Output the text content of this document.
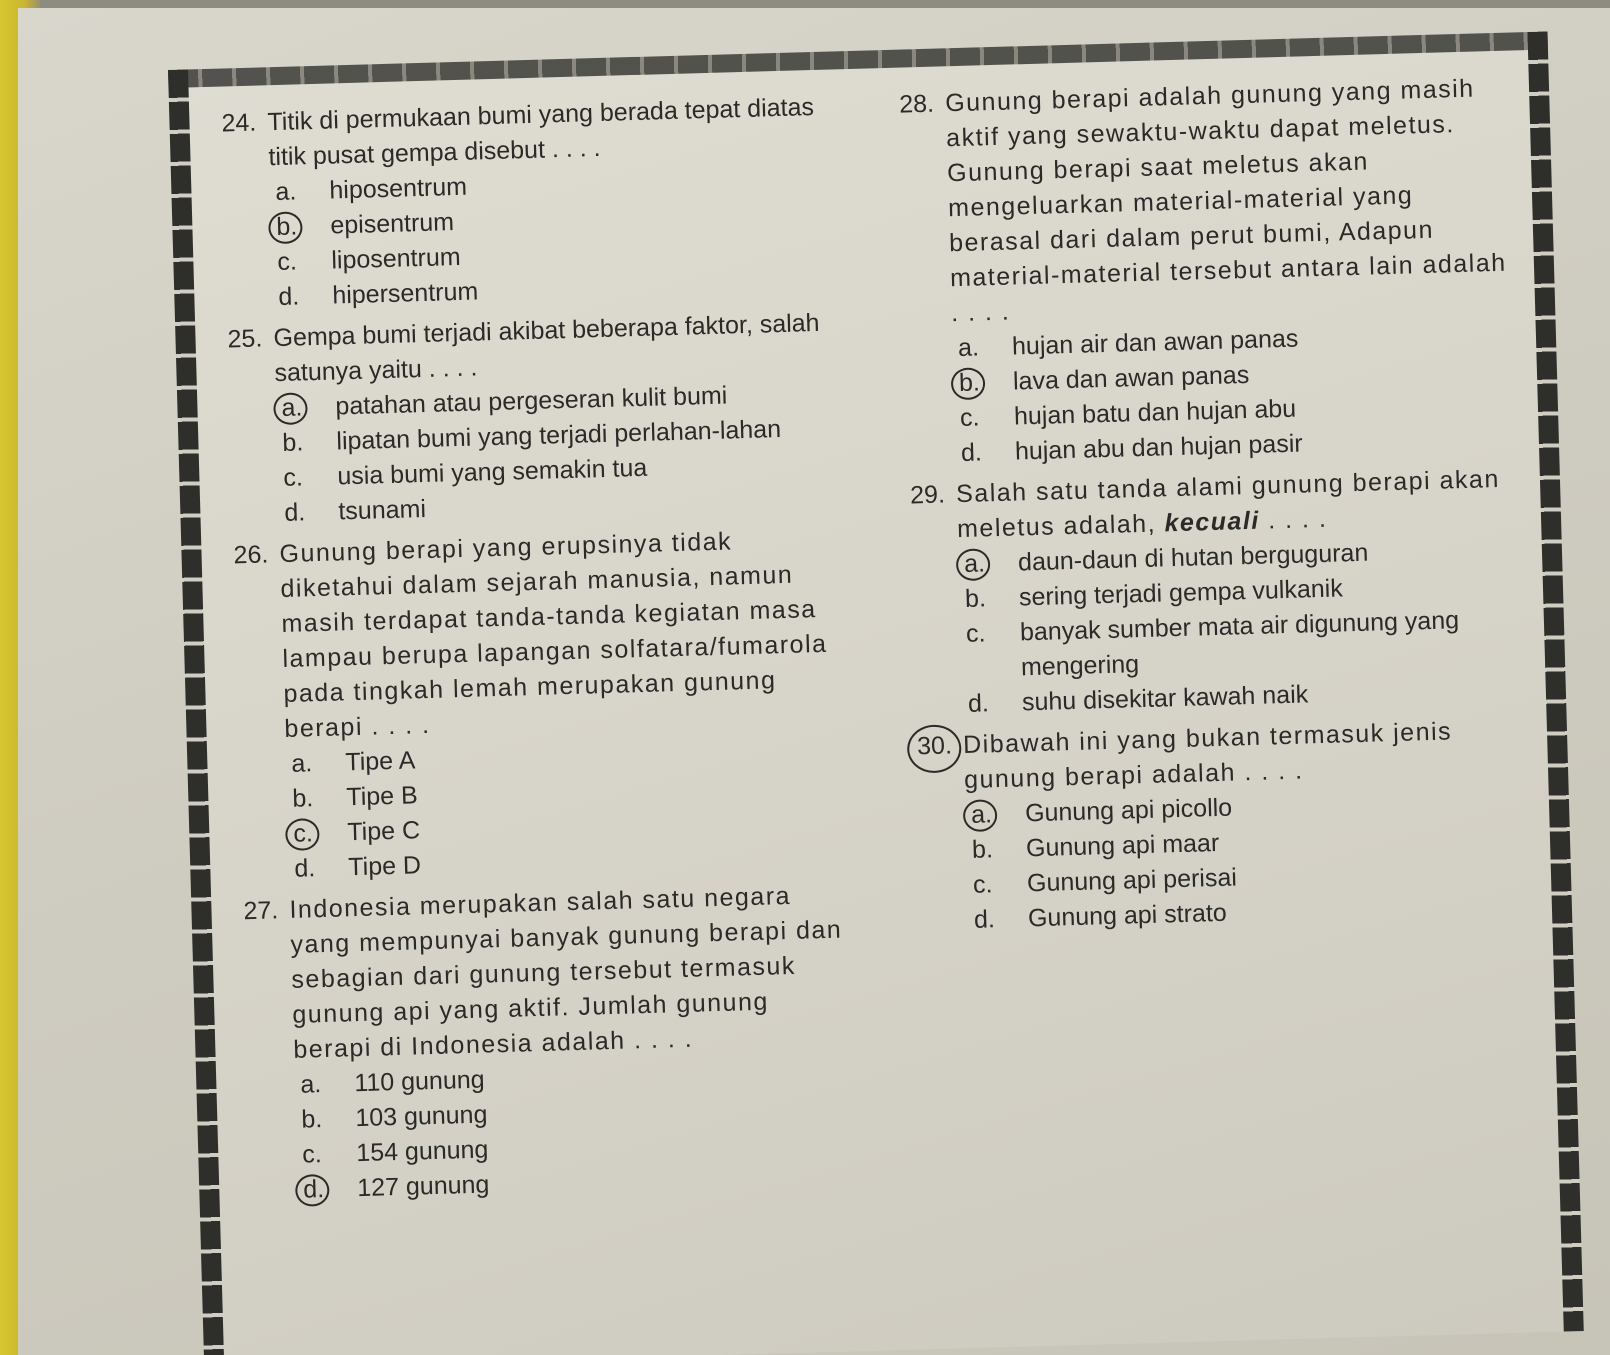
24. Titik di permukaan bumi yang berada tepat diatas titik pusat gempa disebut . . . .
a.	hiposentrum
b.	episentrum
c.	liposentrum
d.	hipersentrum
25. Gempa bumi terjadi akibat beberapa faktor, salah satunya yaitu . . . .
a.	patahan atau pergeseran kulit bumi
b.	lipatan bumi yang terjadi perlahan-lahan
c.	usia bumi yang semakin tua
d.	tsunami
26. Gunung berapi yang erupsinya tidak diketahui dalam sejarah manusia, namun masih terdapat tanda-tanda kegiatan masa lampau berupa lapangan solfatara/fumarola pada tingkah lemah merupakan gunung berapi . . . .
a.	Tipe A
b.	Tipe B
c.	Tipe C
d.	Tipe D
27. Indonesia merupakan salah satu negara yang mempunyai banyak gunung berapi dan sebagian dari gunung tersebut termasuk gunung api yang aktif. Jumlah gunung berapi di Indonesia adalah . . . .
a.	110 gunung
b.	103 gunung
c.	154 gunung
d.	127 gunung
28. Gunung berapi adalah gunung yang masih aktif yang sewaktu-waktu dapat meletus. Gunung berapi saat meletus akan mengeluarkan material-material yang berasal dari dalam perut bumi, Adapun material-material tersebut antara lain adalah . . . .
a.	hujan air dan awan panas
b.	lava dan awan panas
c.	hujan batu dan hujan abu
d.	hujan abu dan hujan pasir
29. Salah satu tanda alami gunung berapi akan meletus adalah, kecuali . . . .
a.	daun-daun di hutan berguguran
b.	sering terjadi gempa vulkanik
c.	banyak sumber mata air digunung yang mengering
d.	suhu disekitar kawah naik
30. Dibawah ini yang bukan termasuk jenis gunung berapi adalah . . . .
a.	Gunung api picollo
b.	Gunung api maar
c.	Gunung api perisai
d.	Gunung api strato
